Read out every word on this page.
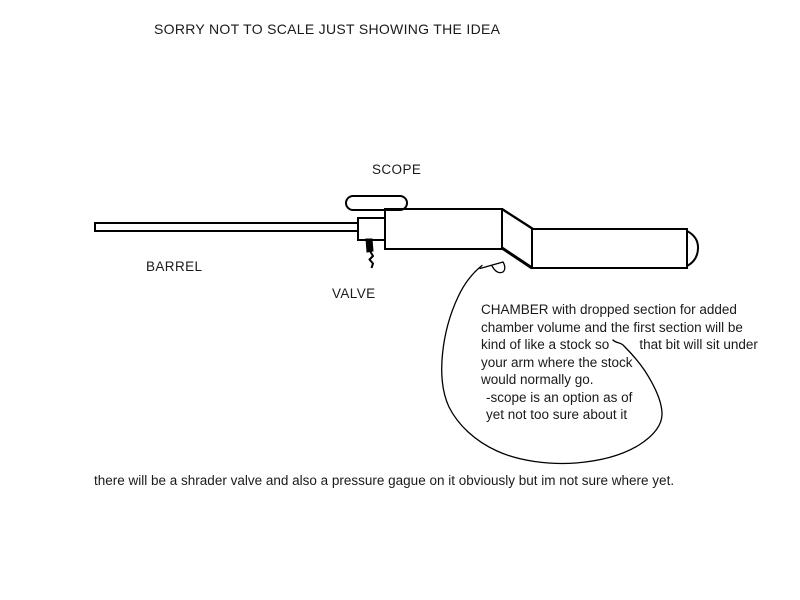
SORRY NOT TO SCALE JUST SHOWING THE IDEA
SCOPE
BARREL
VALVE
CHAMBER with dropped section for added
chamber volume and the first section will be
kind of like a stock so that bit will sit under
your arm where the stock
would normally go.
-scope is an option as of
yet not too sure about it
there will be a shrader valve and also a pressure gague on it obviously but im not sure where yet.
